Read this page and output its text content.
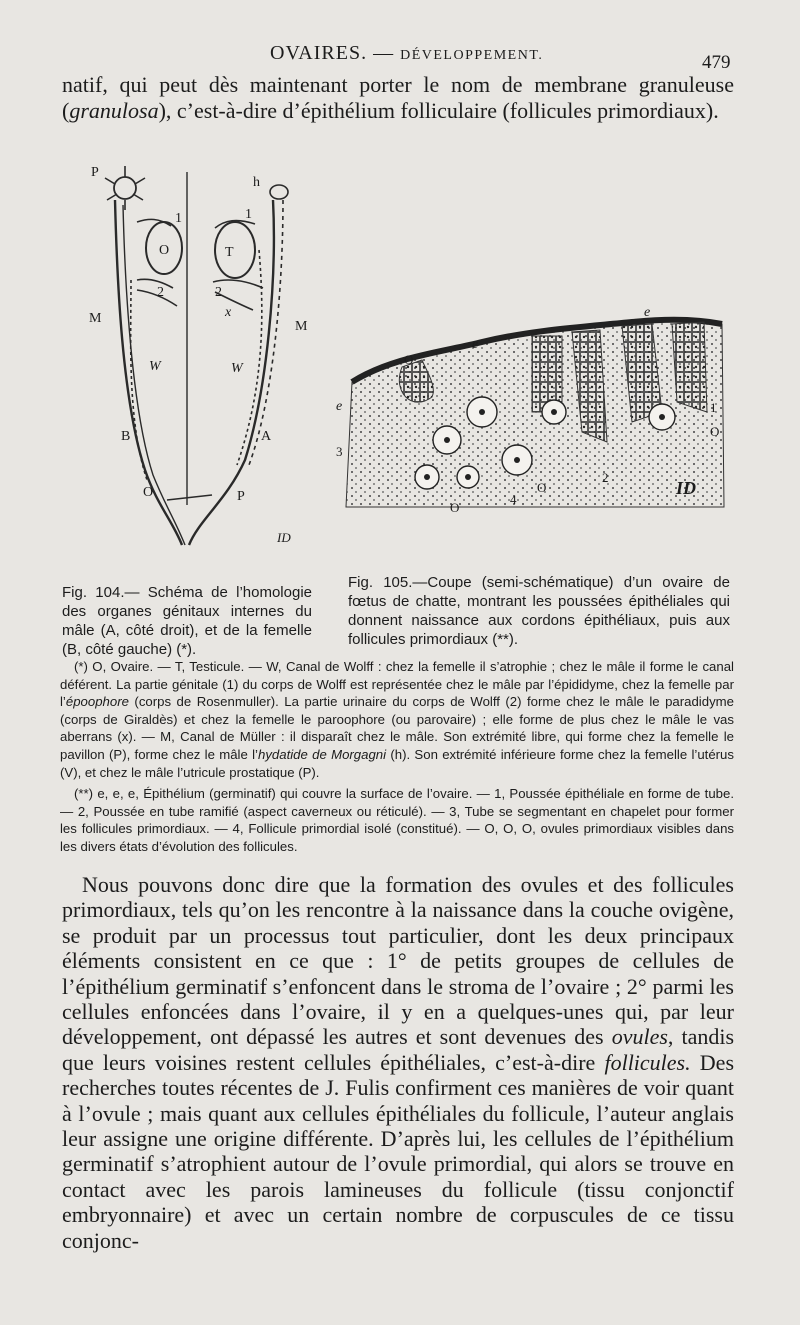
OVAIRES. — DÉVELOPPEMENT.	479
natif, qui peut dès maintenant porter le nom de membrane granuleuse (granulosa), c’est-à-dire d’épithélium folliculaire (follicules primordiaux).
P
h
1	1
O	T
2	2
x
M
M
W	W
B	A
O	P
ID
e
e
e
O
1
O
3
2
O
4
O
ID
Fig. 104.— Schéma de l’homologie des organes génitaux internes du mâle (A, côté droit), et de la femelle (B, côté gauche) (*).
Fig. 105.—Coupe (semi-schématique) d’un ovaire de fœtus de chatte, montrant les poussées épithéliales qui donnent naissance aux cordons épithéliaux, puis aux follicules primordiaux (**).

(*) O, Ovaire. — T, Testicule. — W, Canal de Wolff : chez la femelle il s’atrophie ; chez le mâle il forme le canal déférent. La partie génitale (1) du corps de Wolff est représentée chez le mâle par l’épididyme, chez la femelle par l’époophore (corps de Rosenmuller). La partie urinaire du corps de Wolff (2) forme chez le mâle le paradidyme (corps de Giraldès) et chez la femelle le paroophore (ou parovaire) ; elle forme de plus chez le mâle le vas aberrans (x). — M, Canal de Müller : il disparaît chez le mâle. Son extrémité libre, qui forme chez la femelle le pavillon (P), forme chez le mâle l’hydatide de Morgagni (h). Son extrémité inférieure forme chez la femelle l’utérus (V), et chez le mâle l’utricule prostatique (P).

(**) e, e, e, Épithélium (germinatif) qui couvre la surface de l’ovaire. — 1, Poussée épithéliale en forme de tube. — 2, Poussée en tube ramifié (aspect caverneux ou réticulé). — 3, Tube se segmentant en chapelet pour former les follicules primordiaux. — 4, Follicule primordial isolé (constitué). — O, O, O, ovules primordiaux visibles dans les divers états d’évolution des follicules.

Nous pouvons donc dire que la formation des ovules et des follicules primordiaux, tels qu’on les rencontre à la naissance dans la couche ovigène, se produit par un processus tout particulier, dont les deux principaux éléments consistent en ce que : 1° de petits groupes de cellules de l’épithélium germinatif s’enfoncent dans le stroma de l’ovaire ; 2° parmi les cellules enfoncées dans l’ovaire, il y en a quelques-unes qui, par leur développement, ont dépassé les autres et sont devenues des ovules, tandis que leurs voisines restent cellules épithéliales, c’est-à-dire follicules. Des recherches toutes récentes de J. Fulis confirment ces manières de voir quant à l’ovule ; mais quant aux cellules épithéliales du follicule, l’auteur anglais leur assigne une origine différente. D’après lui, les cellules de l’épithélium germinatif s’atrophient autour de l’ovule primordial, qui alors se trouve en contact avec les parois lamineuses du follicule (tissu conjonctif embryonnaire) et avec un certain nombre de corpuscules de ce tissu conjonc-
